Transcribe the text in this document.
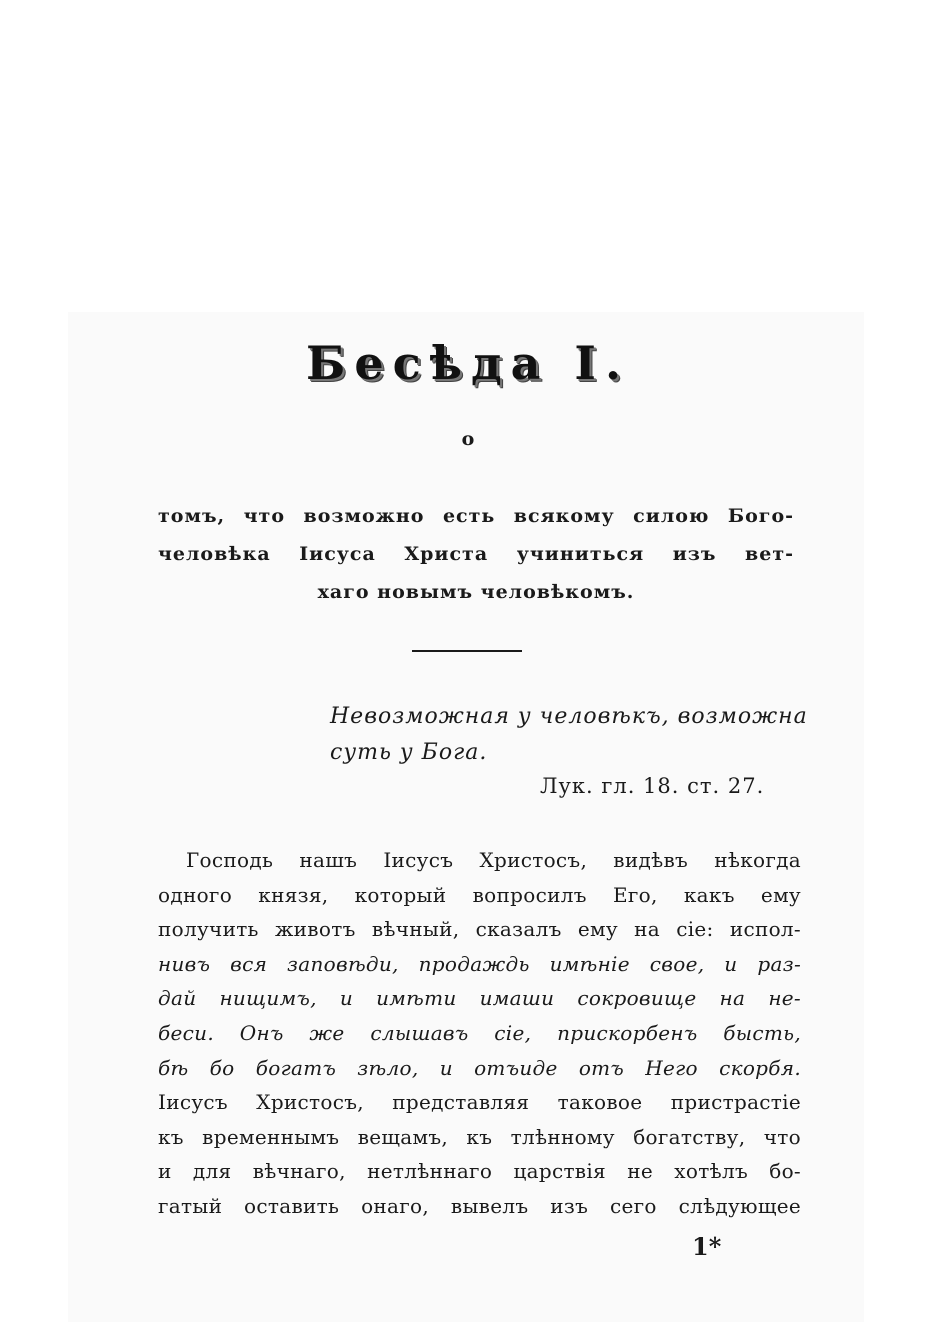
Бесѣда I.
о
томъ, что возможно есть всякому силою Бого-
человѣка Іисуса Христа учиниться изъ вет-
хаго новымъ человѣкомъ.
Невозможная у человѣкъ, возможна
суть у Бога.
Лук. гл. 18. ст. 27.
Господь нашъ Іисусъ Христосъ, видѣвъ нѣкогда
одного князя, который вопросилъ Его, какъ ему
получить животъ вѣчный, сказалъ ему на сіе: испол-
нивъ вся заповѣди, продаждь имѣніе свое, и раз-
дай нищимъ, и имѣти имаши сокровище на не-
беси. Онъ же слышавъ сіе, прискорбенъ бысть,
бѣ бо богатъ зѣло, и отъиде отъ Него скорбя.
Іисусъ Христосъ, представляя таковое пристрастіе
къ временнымъ вещамъ, къ тлѣнному богатству, что
и для вѣчнаго, нетлѣннаго царствія не хотѣлъ бо-
гатый оставить онаго, вывелъ изъ сего слѣдующее
1*
